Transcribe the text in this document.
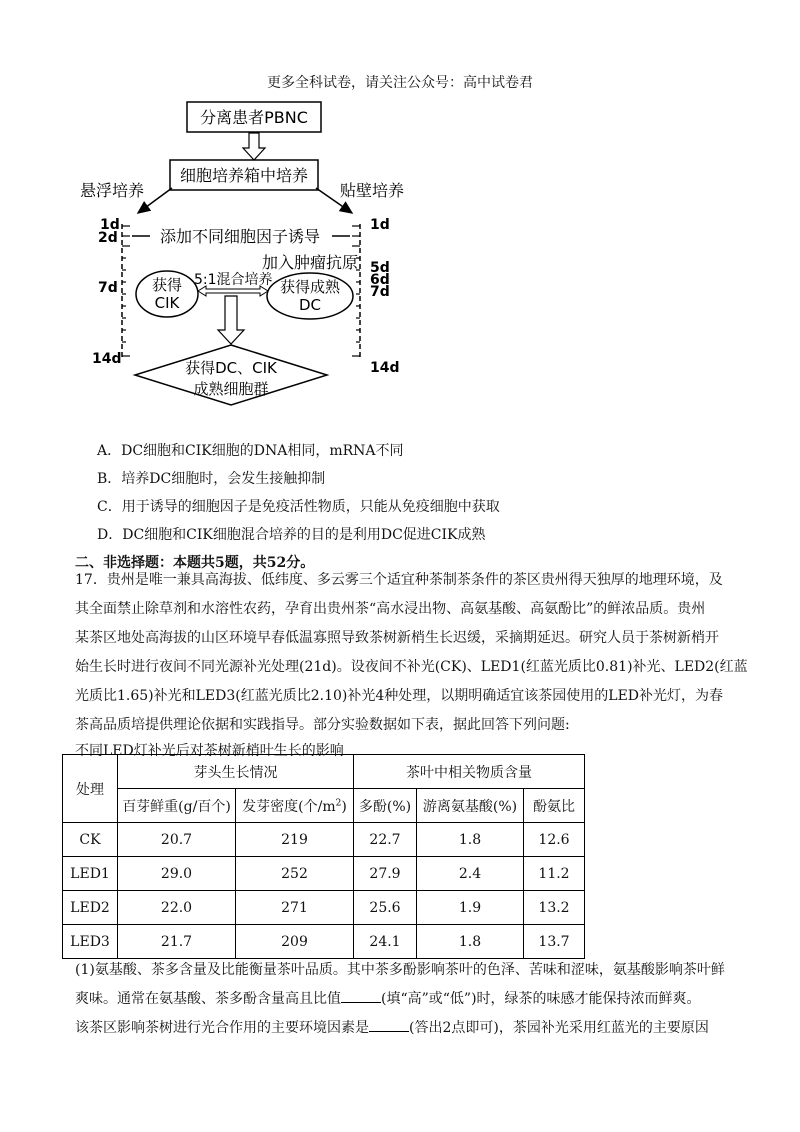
更多全科试卷，请关注公众号：高中试卷君
分离患者PBNC
细胞培养箱中培养
悬浮培养	贴壁培养
1d
2d
7d
14d
1d
5d
6d
7d
14d
添加不同细胞因子诱导
加入肿瘤抗原
获得
CIK
获得成熟
DC
5:1混合培养
获得DC、CIK
成熟细胞群
A．DC细胞和CIK细胞的DNA相同，mRNA不同
B．培养DC细胞时，会发生接触抑制
C．用于诱导的细胞因子是免疫活性物质，只能从免疫细胞中获取
D．DC细胞和CIK细胞混合培养的目的是利用DC促进CIK成熟
二、非选择题：本题共5题，共52分。
17．贵州是唯一兼具高海拔、低纬度、多云雾三个适宜种茶制茶条件的茶区贵州得天独厚的地理环境，及
其全面禁止除草剂和水溶性农药，孕育出贵州茶“高水浸出物、高氨基酸、高氨酚比”的鲜浓品质。贵州
某茶区地处高海拔的山区环境早春低温寡照导致茶树新梢生长迟缓，采摘期延迟。研究人员于茶树新梢开
始生长时进行夜间不同光源补光处理(21d)。设夜间不补光(CK)、LED1(红蓝光质比0.81)补光、LED2(红蓝
光质比1.65)补光和LED3(红蓝光质比2.10)补光4种处理，以期明确适宜该茶园使用的LED补光灯，为春
茶高品质培提供理论依据和实践指导。部分实验数据如下表，据此回答下列问题:
不同LED灯补光后对茶树新梢叶生长的影响
处理	芽头生长情况		茶叶中相关物质含量		
	百芽鲜重(g/百个)	发芽密度(个$/m^2$)	多酚(%)	游离氨基酸(%)	酚氨比
CK	20.7	219	22.7	1.8	12.6
LED1	29.0	252	27.9	2.4	11.2
LED2	22.0	271	25.6	1.9	13.2
LED3	21.7	209	24.1	1.8	13.7
(1)氨基酸、茶多含量及比能衡量茶叶品质。其中茶多酚影响茶叶的色泽、苦味和涩味，氨基酸影响茶叶鲜
爽味。通常在氨基酸、茶多酚含量高且比值	(填“高”或“低”)时，绿茶的味感才能保持浓而鲜爽。
该茶区影响茶树进行光合作用的主要环境因素是	(答出2点即可)，茶园补光采用红蓝光的主要原因
